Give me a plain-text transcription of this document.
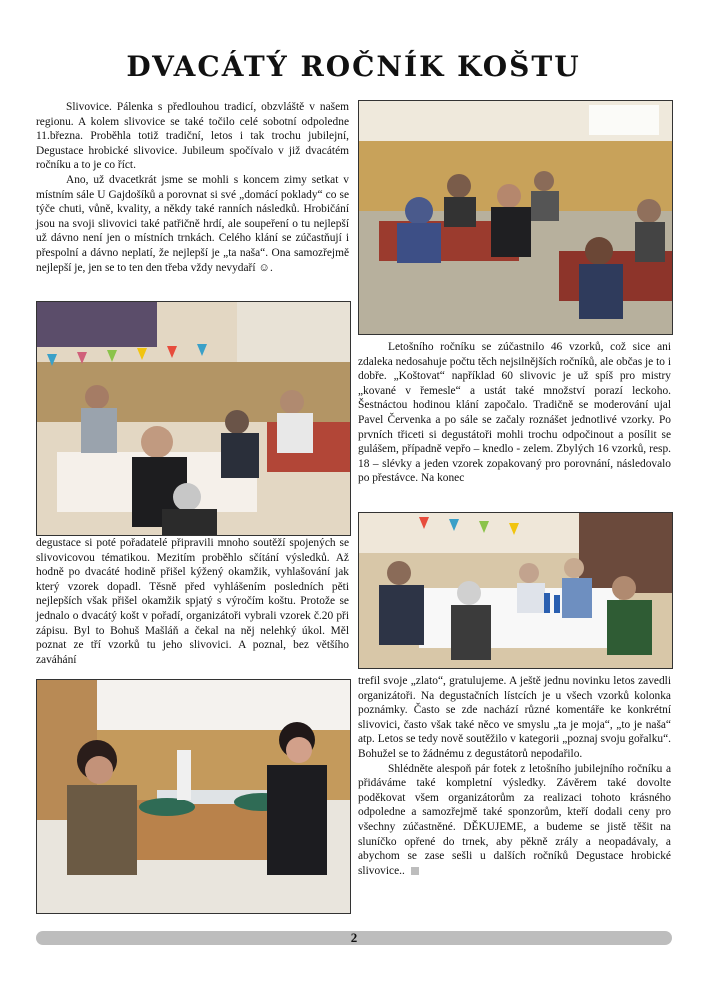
DVACÁTÝ ROČNÍK KOŠTU

Slivovice. Pálenka s předlouhou tradicí, obzvláště v našem regionu. A kolem slivovice se také točilo celé sobotní odpoledne 11.března. Proběhla totiž tradiční, letos i tak trochu jubilejní, Degustace hrobické slivovice. Jubileum spočívalo v již dvacátém ročníku a to je co říct.

Ano, už dvacetkrát jsme se mohli s koncem zimy setkat v místním sále U Gajdošíků a porovnat si své „domácí poklady“ co se týče chuti, vůně, kvality, a někdy také ranních následků. Hrobičání jsou na svoji slivovici také patřičně hrdí, ale soupeření o tu nejlepší už dávno není jen o místních trnkách. Celého klání se zúčastňují i přespolní a dávno neplatí, že nejlepší je „ta naša“. Ona samozřejmě nejlepší je, jen se to ten den třeba vždy nevydaří ☺.

Letošního ročníku se zúčastnilo 46 vzorků, což sice ani zdaleka nedosahuje počtu těch nejsilnějších ročníků, ale občas je to i dobře. „Koštovat“ například 60 slivovic je už spíš pro mistry „kované v řemesle“ a ustát také množství porazí leckoho. Šestnáctou hodinou klání započalo. Tradičně se moderování ujal Pavel Červenka a po sále se začaly roznášet jednotlivé vzorky. Po prvních třiceti si degustátoři mohli trochu odpočinout a posílit se gulášem, případně vepřo – knedlo - zelem. Zbylých 16 vzorků, resp. 18 – slévky a jeden vzorek zopakovaný pro porovnání, následovalo po přestávce. Na konec

degustace si poté pořadatelé připravili mnoho soutěží spojených se slivovicovou tématikou. Mezitím proběhlo sčítání výsledků. Až hodně po dvacáté hodině přišel kýžený okamžik, vyhlašování jak který vzorek dopadl. Těsně před vyhlášením posledních pěti nejlepších však přišel okamžik spjatý s výročím koštu. Protože se jednalo o dvacátý košt v pořadí, organizátoři vybrali vzorek č.20 při zápisu. Byl to Bohuš Mašláň a čekal na něj nelehký úkol. Měl poznat ze tří vzorků tu jeho slivovici. A poznal, bez většího zaváhání

trefil svoje „zlato“, gratulujeme. A ještě jednu novinku letos zavedli organizátoři. Na degustačních lístcích je u všech vzorků kolonka poznámky. Často se zde nachází různé komentáře ke konkrétní slivovici, často však také něco ve smyslu „ta je moja“, „to je naša“ atp. Letos se tedy nově soutěžilo v kategorii „poznaj svoju gořalku“. Bohužel se to žádnému z degustátorů nepodařilo.

Shlédněte alespoň pár fotek z letošního jubilejního ročníku a přidáváme také kompletní výsledky. Závěrem také dovolte poděkovat všem organizátorům za realizaci tohoto krásného odpoledne a samozřejmě také sponzorům, kteří dodali ceny pro všechny zúčastněné. DĚKUJEME, a budeme se jistě těšit na sluníčko opřené do trnek, aby pěkně zrály a neopadávaly, a abychom se zase sešli u dalších ročníků Degustace hrobické slivovice..

2
